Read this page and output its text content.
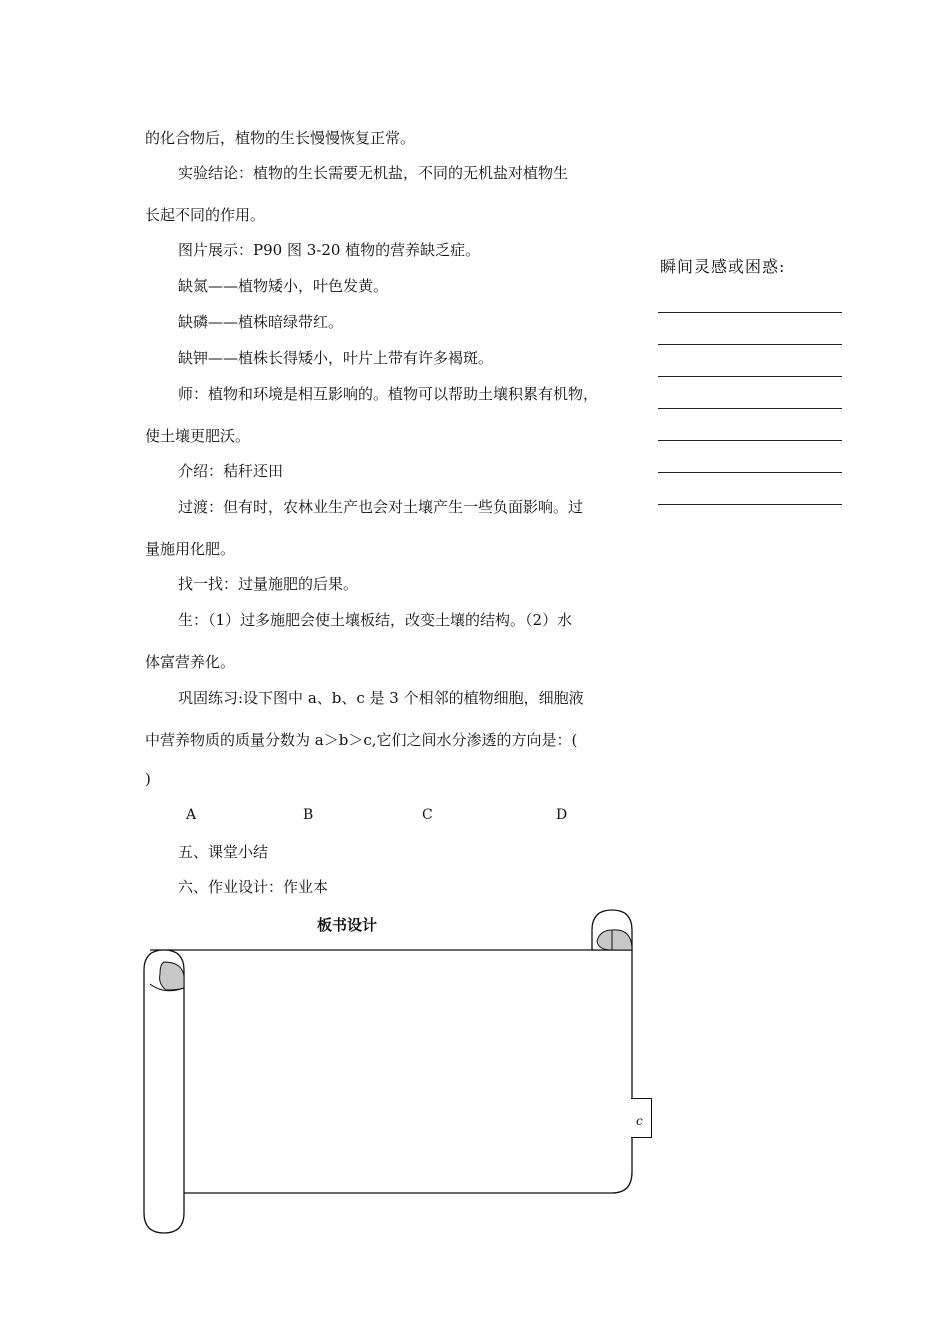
的化合物后，植物的生长慢慢恢复正常。
实验结论：植物的生长需要无机盐，不同的无机盐对植物生
长起不同的作用。
图片展示：P90 图 3-20 植物的营养缺乏症。
缺氮——植物矮小，叶色发黄。
缺磷——植株暗绿带红。
缺钾——植株长得矮小，叶片上带有许多褐斑。
师：植物和环境是相互影响的。植物可以帮助土壤积累有机物，
使土壤更肥沃。
介绍：秸秆还田
过渡：但有时，农林业生产也会对土壤产生一些负面影响。过
量施用化肥。
找一找：过量施肥的后果。
生：（1）过多施肥会使土壤板结，改变土壤的结构。（2）水
体富营养化。
巩固练习:设下图中 a、b、c 是 3 个相邻的植物细胞，细胞液
中营养物质的质量分数为 a＞b＞c,它们之间水分渗透的方向是：(
)
A	B	C	D
五、课堂小结
六、作业设计：作业本
瞬间灵感或困惑:
板书设计
c
